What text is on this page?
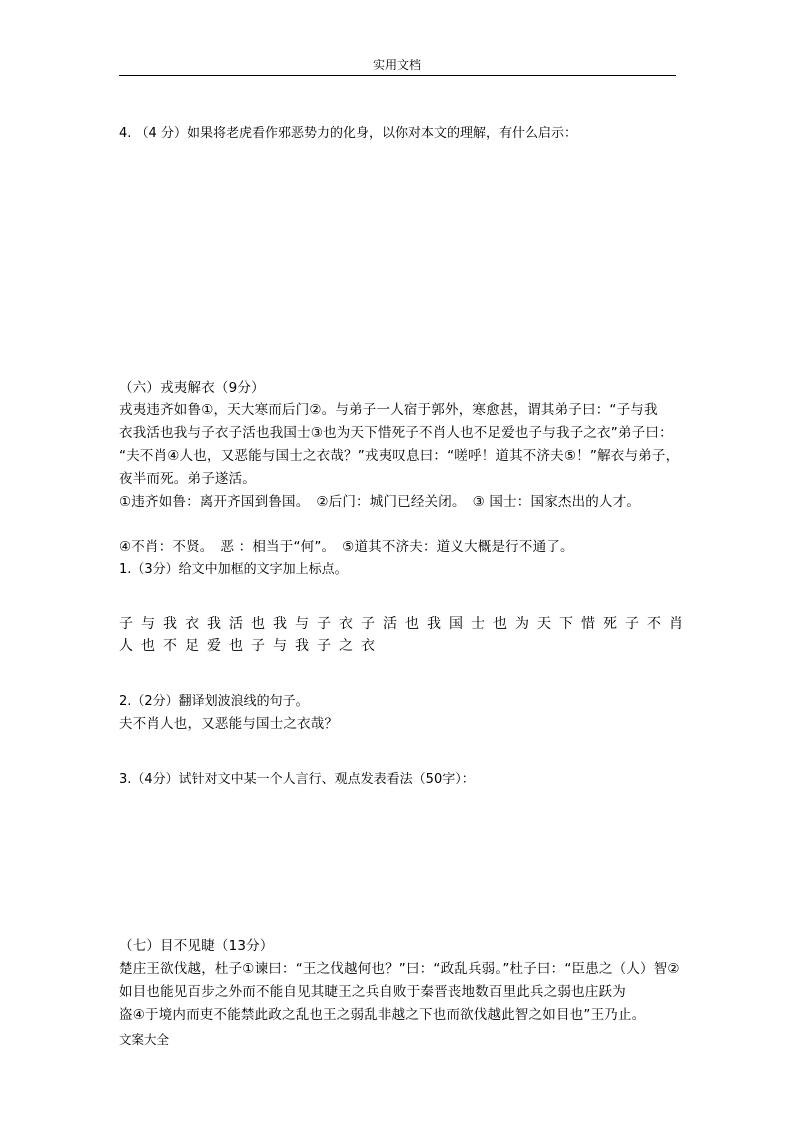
实用文档
4. （4 分）如果将老虎看作邪恶势力的化身，以你对本文的理解，有什么启示：
（六）戎夷解衣（9分）
戎夷违齐如鲁①，天大寒而后门②。与弟子一人宿于郭外，寒愈甚，谓其弟子曰：“子与我
衣我活也我与子衣子活也我国士③也为天下惜死子不肖人也不足爱也子与我子之衣”弟子曰：
“夫不肖④人也，又恶能与国士之衣哉？”戎夷叹息曰：“嗟呼！道其不济夫⑤！”解衣与弟子，
夜半而死。弟子遂活。
①违齐如鲁：离开齐国到鲁国。　②后门：城门已经关闭。　③ 国士：国家杰出的人才。
④不肖：不贤。　恶 ：相当于“何”。　⑤道其不济夫：道义大概是行不通了。
1.（3分）给文中加框的文字加上标点。
子与我衣我活也我与子衣子活也我国士也为天下惜死子不肖
人也不足爱也子与我子之衣
2.（2分）翻译划波浪线的句子。
夫不肖人也，又恶能与国士之衣哉？
3.（4分）试针对文中某一个人言行、观点发表看法（50字）：
（七）目不见睫（13分）
楚庄王欲伐越，杜子①谏曰：“王之伐越何也？”曰：“政乱兵弱。”杜子曰：“臣患之（人）智②
如目也能见百步之外而不能自见其睫王之兵自败于秦晋丧地数百里此兵之弱也庄跃为
盗④于境内而吏不能禁此政之乱也王之弱乱非越之下也而欲伐越此智之如目也”王乃止。
文案大全
